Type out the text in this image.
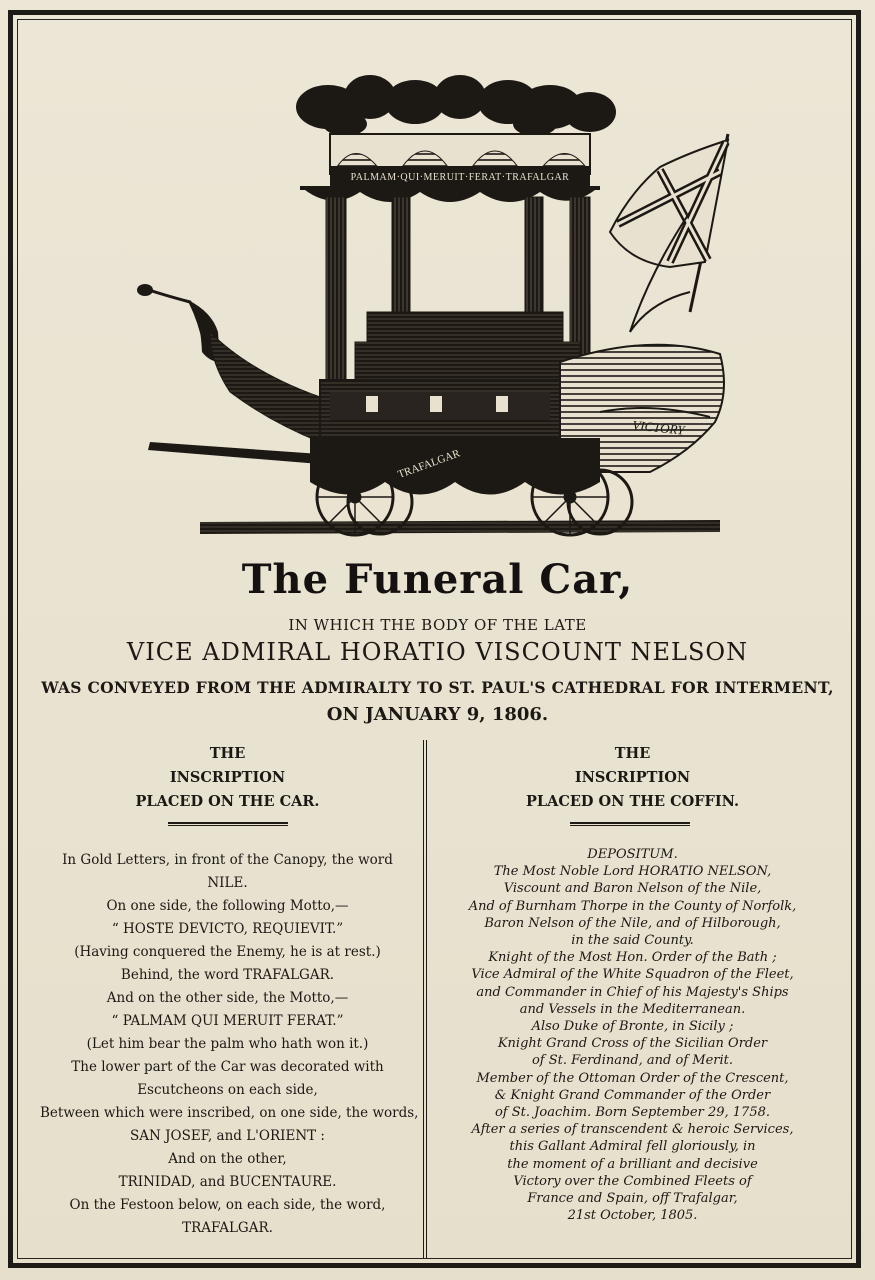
PALMAM·QUI·MERUIT·FERAT·TRAFALGAR
VICTORY
TRAFALGAR
The Funeral Car,
IN WHICH THE BODY OF THE LATE
VICE ADMIRAL HORATIO VISCOUNT NELSON
WAS CONVEYED FROM THE ADMIRALTY TO ST. PAUL'S CATHEDRAL FOR INTERMENT,
ON JANUARY 9, 1806.
THE
INSCRIPTION
PLACED ON THE CAR.
In Gold Letters, in front of the Canopy, the word
NILE.
On one side, the following Motto,—
“ HOSTE DEVICTO, REQUIEVIT.”
(Having conquered the Enemy, he is at rest.)
Behind, the word TRAFALGAR.
And on the other side, the Motto,—
“ PALMAM QUI MERUIT FERAT.”
(Let him bear the palm who hath won it.)
The lower part of the Car was decorated with
Escutcheons on each side,
Between which were inscribed, on one side, the words,
SAN JOSEF, and L'ORIENT :
And on the other,
TRINIDAD, and BUCENTAURE.
On the Festoon below, on each side, the word,
TRAFALGAR.
THE
INSCRIPTION
PLACED ON THE COFFIN.
DEPOSITUM.
The Most Noble Lord HORATIO NELSON,
Viscount and Baron Nelson of the Nile,
And of Burnham Thorpe in the County of Norfolk,
Baron Nelson of the Nile, and of Hilborough,
in the said County.
Knight of the Most Hon. Order of the Bath ;
Vice Admiral of the White Squadron of the Fleet,
and Commander in Chief of his Majesty's Ships
and Vessels in the Mediterranean.
Also Duke of Bronte, in Sicily ;
Knight Grand Cross of the Sicilian Order
of St. Ferdinand, and of Merit.
Member of the Ottoman Order of the Crescent,
& Knight Grand Commander of the Order
of St. Joachim. Born September 29, 1758.
After a series of transcendent & heroic Services,
this Gallant Admiral fell gloriously, in
the moment of a brilliant and decisive
Victory over the Combined Fleets of
France and Spain, off Trafalgar,
21st October, 1805.
